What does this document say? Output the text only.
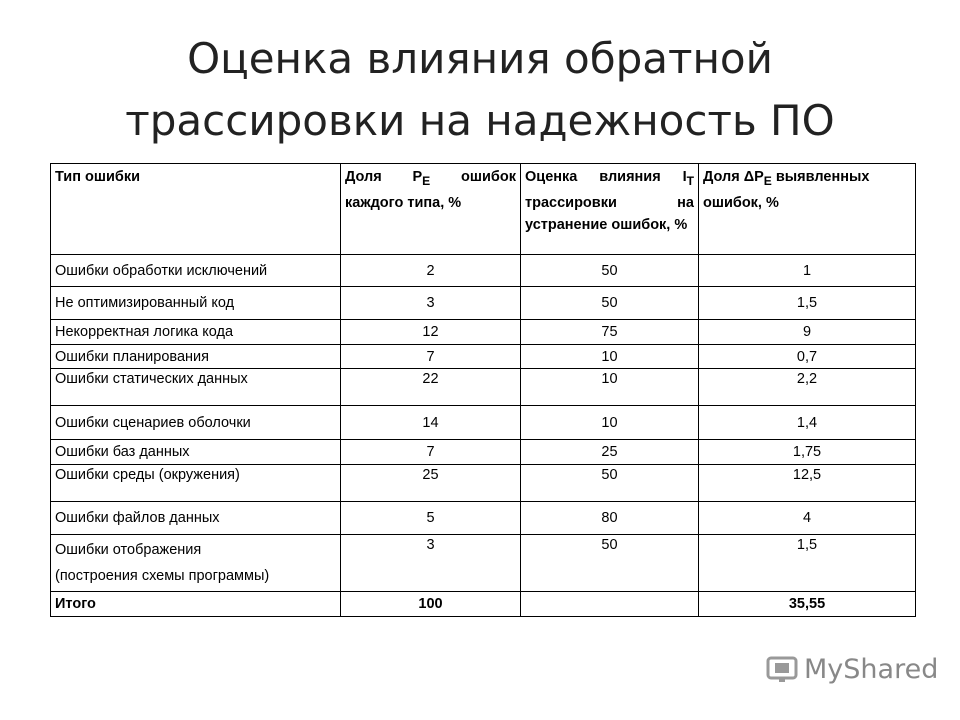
Оценка влияния обратной
трассировки на надежность ПО
Тип ошибки	Доля $P_E$ ошибок каждого типа, %	Оценка влияния $I_T$ трассировки на устранение ошибок, %	Доля $\Delta P_E$ выявленных ошибок, %
Ошибки обработки исключений	2	50	1
Не оптимизированный код	3	50	1,5
Некорректная логика кода	12	75	9
Ошибки планирования	7	10	0,7
Ошибки статических данных	22	10	2,2
Ошибки сценариев оболочки	14	10	1,4
Ошибки баз данных	7	25	1,75
Ошибки среды (окружения)	25	50	12,5
Ошибки файлов данных	5	80	4

Ошибки отображения
(построения схемы программы)	3	50	1,5
Итого	100		35,55
MyShared
